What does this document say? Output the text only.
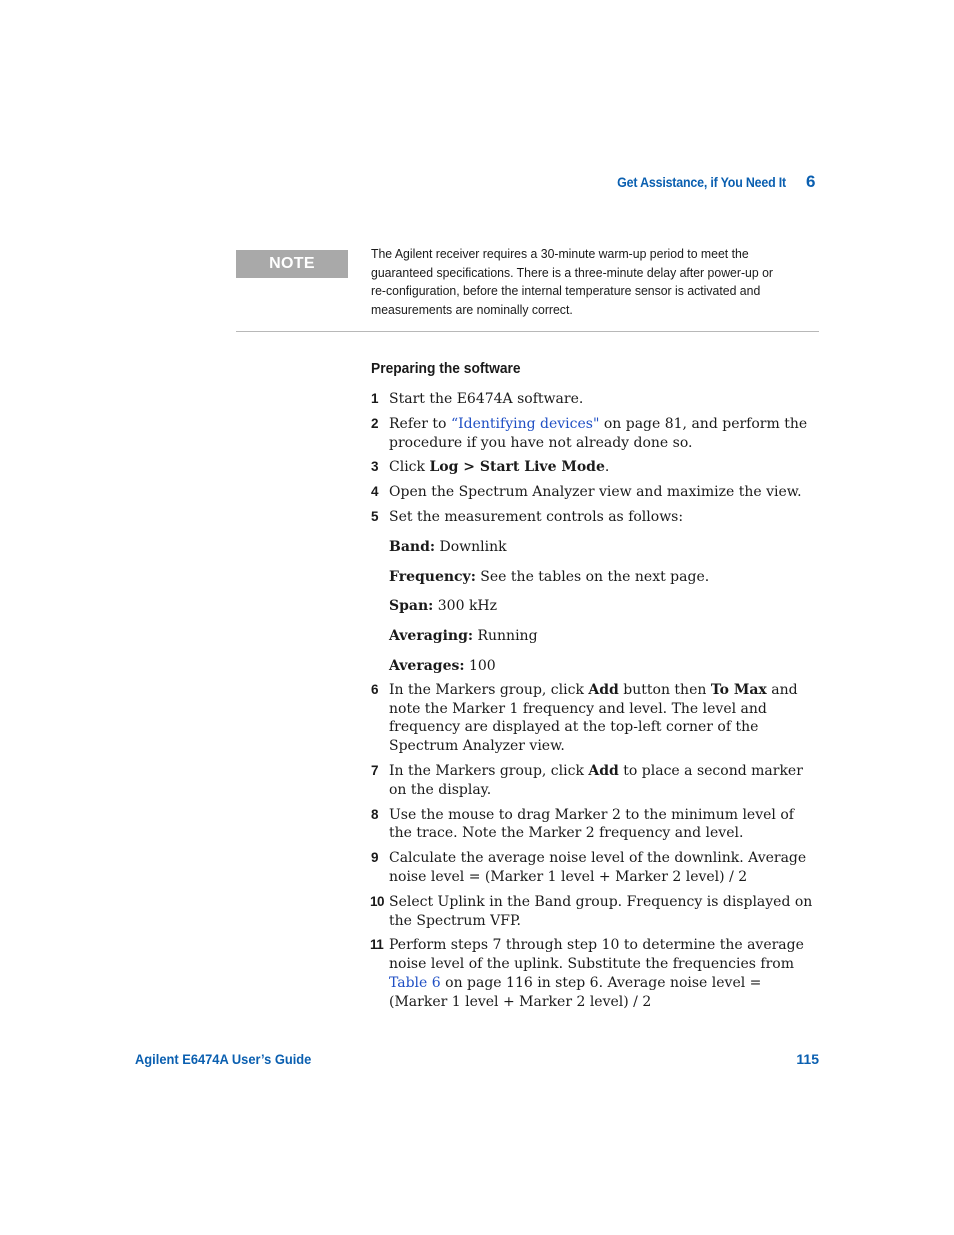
Get Assistance, if You Need It 6
NOTE
The Agilent receiver requires a 30-minute warm-up period to meet the
guaranteed specifications. There is a three-minute delay after power-up or
re-configuration, before the internal temperature sensor is activated and
measurements are nominally correct.
Preparing the software
1 Start the E6474A software.
2 Refer to “Identifying devices" on page 81, and perform the procedure if you have not already done so.
3 Click Log > Start Live Mode.
4 Open the Spectrum Analyzer view and maximize the view.
5 Set the measurement controls as follows:
Band: Downlink
Frequency: See the tables on the next page.
Span: 300 kHz
Averaging: Running
Averages: 100
6 In the Markers group, click Add button then To Max and note the Marker 1 frequency and level. The level and frequency are displayed at the top-left corner of the Spectrum Analyzer view.
7 In the Markers group, click Add to place a second marker on the display.
8 Use the mouse to drag Marker 2 to the minimum level of the trace. Note the Marker 2 frequency and level.
9 Calculate the average noise level of the downlink. Average noise level = (Marker 1 level + Marker 2 level) / 2
10 Select Uplink in the Band group. Frequency is displayed on the Spectrum VFP.
11 Perform steps 7 through step 10 to determine the average noise level of the uplink. Substitute the frequencies from Table 6 on page 116 in step 6. Average noise level = (Marker 1 level + Marker 2 level) / 2
Agilent E6474A User’s Guide	115
